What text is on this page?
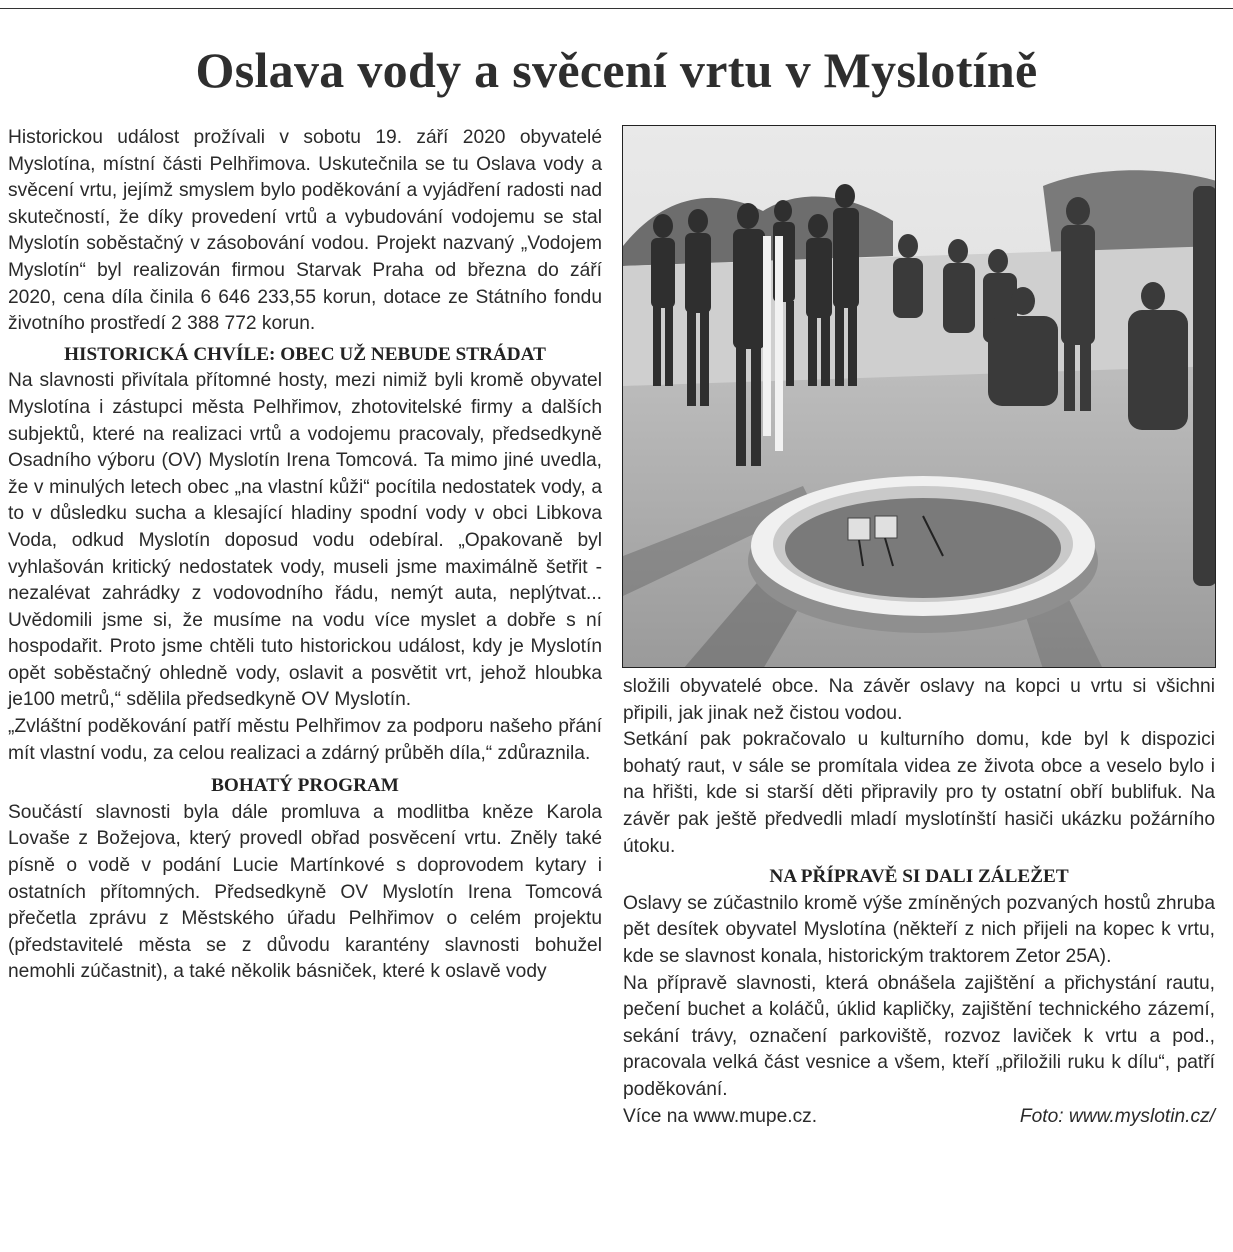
Oslava vody a svěcení vrtu v Myslotíně

Historickou událost prožívali v sobotu 19. září 2020 obyvatelé Myslotína, místní části Pelhřimova. Uskutečnila se tu Oslava vody a svěcení vrtu, jejímž smyslem bylo poděkování a vyjádření radosti nad skutečností, že díky provedení vrtů a vybudování vodojemu se stal Myslotín soběstačný v zásobování vodou. Projekt nazvaný „Vodojem Myslotín“ byl realizován firmou Starvak Praha od března do září 2020, cena díla činila 6 646 233,55 korun, dotace ze Státního fondu životního prostředí 2 388 772 korun.

HISTORICKÁ CHVÍLE: OBEC UŽ NEBUDE STRÁDAT

Na slavnosti přivítala přítomné hosty, mezi nimiž byli kromě obyvatel Myslotína i zástupci města Pelhřimov, zhotovitelské firmy a dalších subjektů, které na realizaci vrtů a vodojemu pracovaly, předsedkyně Osadního výboru (OV) Myslotín Irena Tomcová. Ta mimo jiné uvedla, že v minulých letech obec „na vlastní kůži“ pocítila nedostatek vody, a to v důsledku sucha a klesající hladiny spodní vody v obci Libkova Voda, odkud Myslotín doposud vodu odebíral. „Opakovaně byl vyhlašován kritický nedostatek vody, museli jsme maximálně šetřit - nezalévat zahrádky z vodovodního řádu, nemýt auta, neplýtvat... Uvědomili jsme si, že musíme na vodu více myslet a dobře s ní hospodařit. Proto jsme chtěli tuto historickou událost, kdy je Myslotín opět soběstačný ohledně vody, oslavit a posvětit vrt, jehož hloubka je100 metrů,“ sdělila předsedkyně OV Myslotín.

„Zvláštní poděkování patří městu Pelhřimov za podporu našeho přání mít vlastní vodu, za celou realizaci a zdárný průběh díla,“ zdůraznila.

BOHATÝ PROGRAM

Součástí slavnosti byla dále promluva a modlitba kněze Karola Lovaše z Božejova, který provedl obřad posvěcení vrtu. Zněly také písně o vodě v podání Lucie Martínkové s doprovodem kytary i ostatních přítomných. Předsedkyně OV Myslotín Irena Tomcová přečetla zprávu z Městského úřadu Pelhřimov o celém projektu (představitelé města se z důvodu karantény slavnosti bohužel nemohli zúčastnit), a také několik básniček, které k oslavě vody

složili obyvatelé obce. Na závěr oslavy na kopci u vrtu si všichni připili, jak jinak než čistou vodou.

Setkání pak pokračovalo u kulturního domu, kde byl k dispozici bohatý raut, v sále se promítala videa ze života obce a veselo bylo i na hřišti, kde si starší děti připravily pro ty ostatní obří bublifuk. Na závěr pak ještě předvedli mladí myslotínští hasiči ukázku požárního útoku.

NA PŘÍPRAVĚ SI DALI ZÁLEŽET

Oslavy se zúčastnilo kromě výše zmíněných pozvaných hostů zhruba pět desítek obyvatel Myslotína (někteří z nich přijeli na kopec k vrtu, kde se slavnost konala, historickým traktorem Zetor 25A).

Na přípravě slavnosti, která obnášela zajištění a přichystání rautu, pečení buchet a koláčů, úklid kapličky, zajištění technického zázemí, sekání trávy, označení parkoviště, rozvoz laviček k vrtu a pod., pracovala velká část vesnice a všem, kteří „přiložili ruku k dílu“, patří poděkování.

Více na www.mupe.cz.	Foto: www.myslotin.cz/
